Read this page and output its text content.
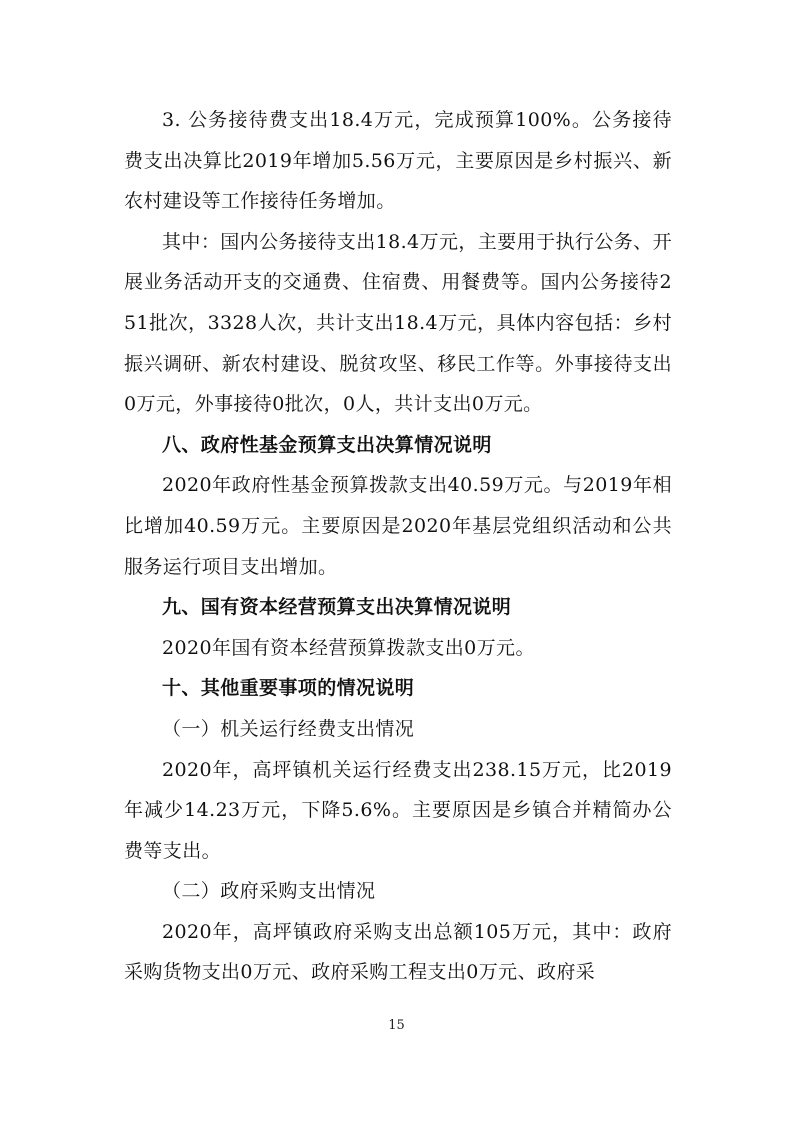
3. 公务接待费支出18.4万元，完成预算100%。公务接待费支出决算比2019年增加5.56万元，主要原因是乡村振兴、新农村建设等工作接待任务增加。

其中：国内公务接待支出18.4万元，主要用于执行公务、开展业务活动开支的交通费、住宿费、用餐费等。国内公务接待251批次，3328人次，共计支出18.4万元，具体内容包括：乡村振兴调研、新农村建设、脱贫攻坚、移民工作等。外事接待支出0万元，外事接待0批次，0人，共计支出0万元。

八、政府性基金预算支出决算情况说明

2020年政府性基金预算拨款支出40.59万元。与2019年相比增加40.59万元。主要原因是2020年基层党组织活动和公共服务运行项目支出增加。

九、国有资本经营预算支出决算情况说明

2020年国有资本经营预算拨款支出0万元。

十、其他重要事项的情况说明

（一）机关运行经费支出情况

2020年，高坪镇机关运行经费支出238.15万元，比2019年减少14.23万元，下降5.6%。主要原因是乡镇合并精简办公费等支出。

（二）政府采购支出情况

2020年，高坪镇政府采购支出总额105万元，其中：政府采购货物支出0万元、政府采购工程支出0万元、政府采

15
